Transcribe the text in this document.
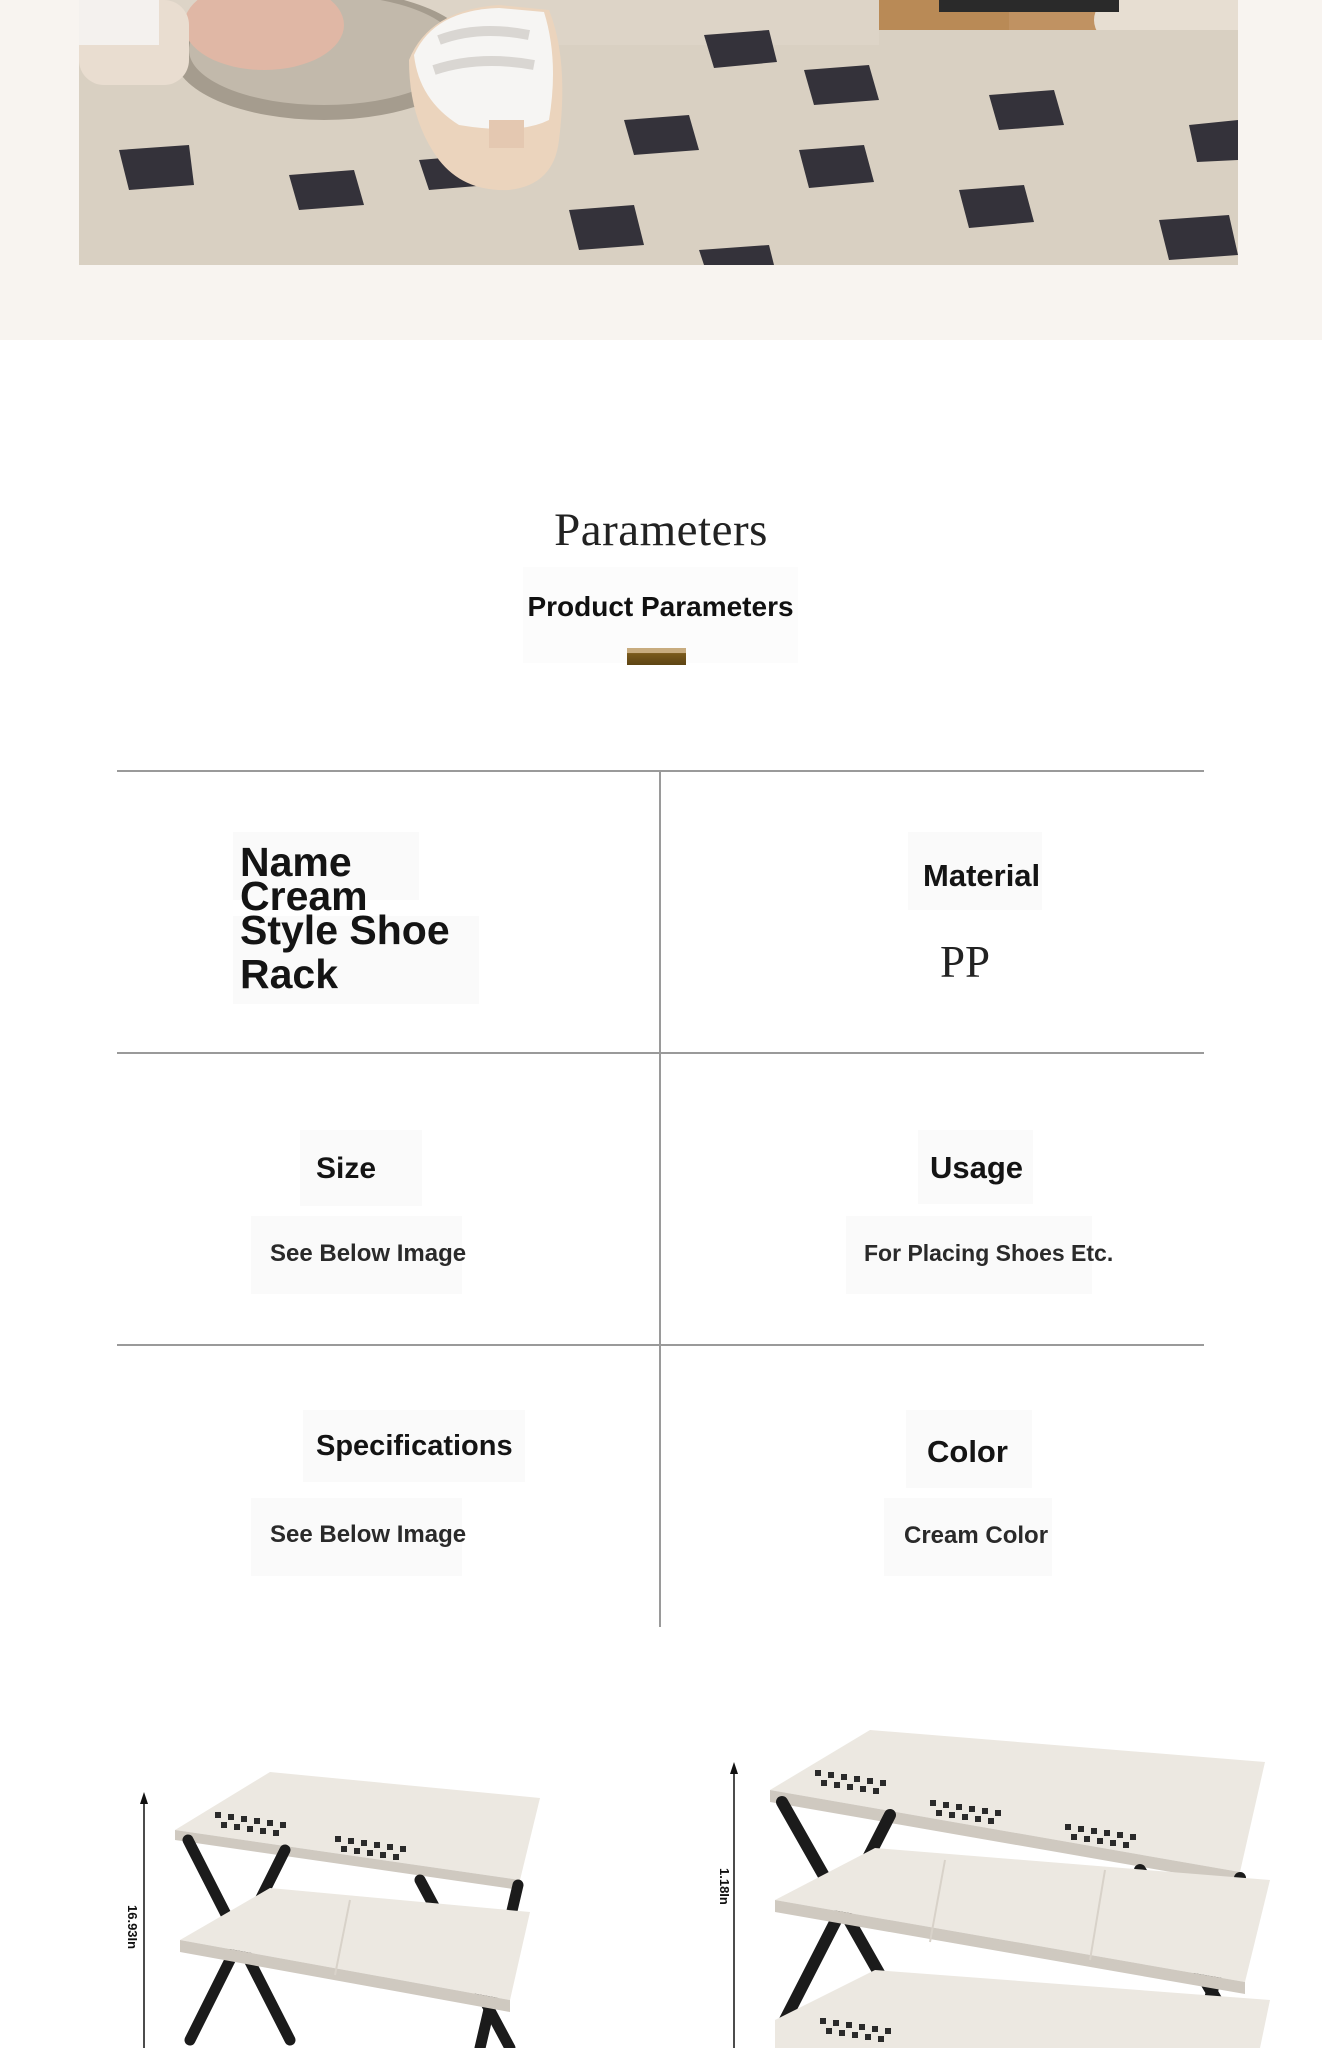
Parameters
Product Parameters
Name
Cream
Style Shoe
Rack
Material
PP
Size
See Below Image
Usage
For Placing Shoes Etc.
Specifications
See Below Image
Color
Cream Color
16.93In
1.18In
